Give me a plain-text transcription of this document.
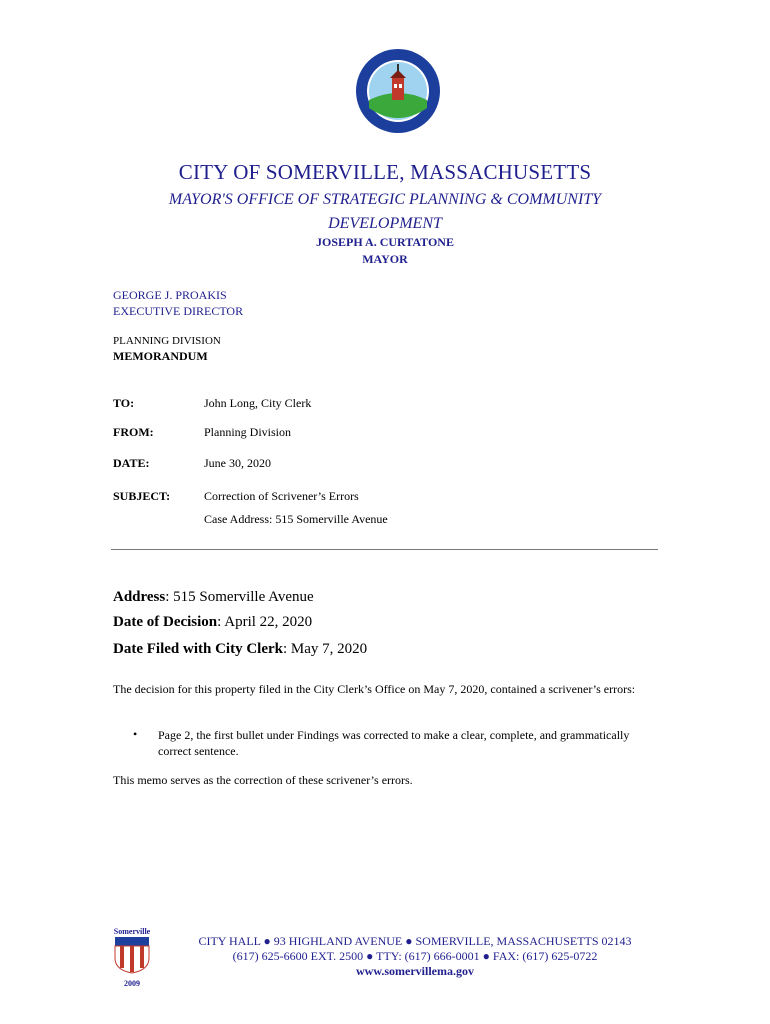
CITY OF SOMERVILLE, MASSACHUSETTS
MAYOR'S OFFICE OF STRATEGIC PLANNING & COMMUNITY
DEVELOPMENT
JOSEPH A. CURTATONE
MAYOR
GEORGE J. PROAKIS
EXECUTIVE DIRECTOR
PLANNING DIVISION
MEMORANDUM
TO:	John Long, City Clerk
FROM:	Planning Division
DATE:	June 30, 2020
SUBJECT:	Correction of Scrivener’s Errors
Case Address: 515 Somerville Avenue
Address: 515 Somerville Avenue
Date of Decision: April 22, 2020
Date Filed with City Clerk: May 7, 2020
The decision for this property filed in the City Clerk’s Office on May 7, 2020, contained a scrivener’s errors:
• Page 2, the first bullet under Findings was corrected to make a clear, complete, and grammatically correct sentence.
This memo serves as the correction of these scrivener’s errors.
Somerville
2009
CITY HALL ● 93 HIGHLAND AVENUE ● SOMERVILLE, MASSACHUSETTS 02143
(617) 625-6600 EXT. 2500 ● TTY: (617) 666-0001 ● FAX: (617) 625-0722
www.somervillema.gov
